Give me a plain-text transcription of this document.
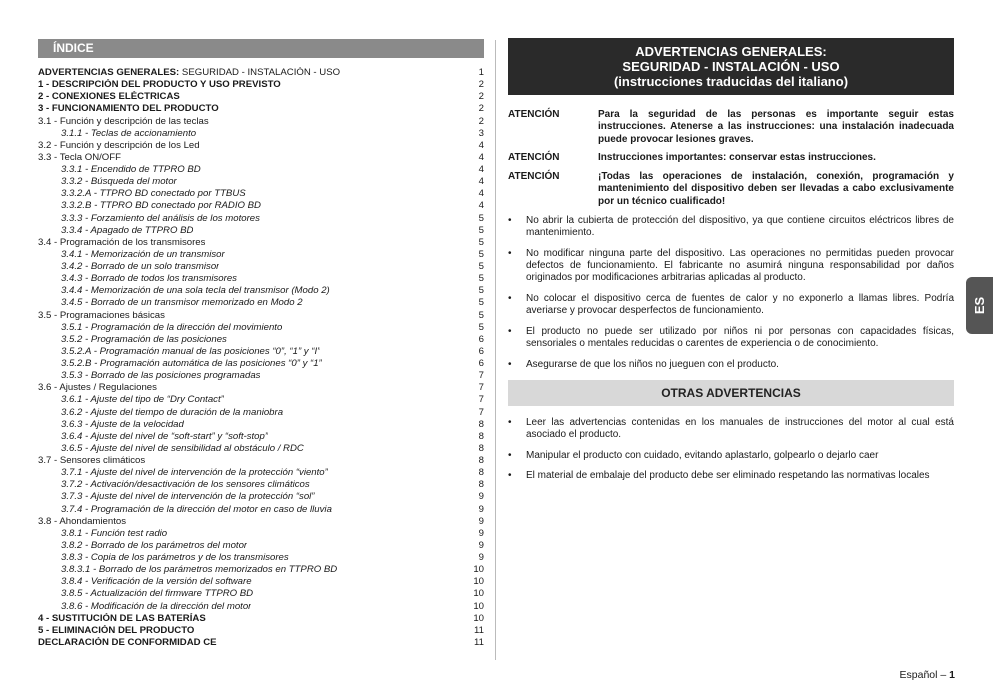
ÍNDICE
ADVERTENCIAS GENERALES: SEGURIDAD - INSTALACIÓN - USO	1
1 - DESCRIPCIÓN DEL PRODUCTO Y USO PREVISTO	2
2 - CONEXIONES ELÉCTRICAS	2
3 - FUNCIONAMIENTO DEL PRODUCTO	2
3.1 - Función y descripción de las teclas	2
3.1.1 - Teclas de accionamiento	3
3.2 - Función y descripción de los Led	4
3.3 - Tecla ON/OFF	4
3.3.1 - Encendido de TTPRO BD	4
3.3.2 - Búsqueda del motor	4
3.3.2.A - TTPRO BD conectado por TTBUS	4
3.3.2.B - TTPRO BD conectado por RADIO BD	4
3.3.3 - Forzamiento del análisis de los motores	5
3.3.4 - Apagado de TTPRO BD	5
3.4 - Programación de los transmisores	5
3.4.1 - Memorización de un transmisor	5
3.4.2 - Borrado de un solo transmisor	5
3.4.3 - Borrado de todos los transmisores	5
3.4.4 - Memorización de una sola tecla del transmisor (Modo 2)	5
3.4.5 - Borrado de un transmisor memorizado en Modo 2	5
3.5 - Programaciones básicas	5
3.5.1 - Programación de la dirección del movimiento	5
3.5.2 - Programación de las posiciones	6
3.5.2.A - Programación manual de las posiciones “0”, “1” y “I”	6
3.5.2.B - Programación automática de las posiciones “0” y “1”	6
3.5.3 - Borrado de las posiciones programadas	7
3.6 - Ajustes / Regulaciones	7
3.6.1 - Ajuste del tipo de “Dry Contact”	7
3.6.2 - Ajuste del tiempo de duración de la maniobra	7
3.6.3 - Ajuste de la velocidad	8
3.6.4 - Ajuste del nivel de “soft-start” y “soft-stop”	8
3.6.5 - Ajuste del nivel de sensibilidad al obstáculo / RDC	8
3.7 - Sensores climáticos	8
3.7.1 - Ajuste del nivel de intervención de la protección “viento”	8
3.7.2 - Activación/desactivación de los sensores climáticos	8
3.7.3 - Ajuste del nivel de intervención de la protección “sol”	9
3.7.4 - Programación de la dirección del motor en caso de lluvia	9
3.8 - Ahondamientos	9
3.8.1 - Función test radio	9
3.8.2 - Borrado de los parámetros del motor	9
3.8.3 - Copia de los parámetros y de los transmisores	9
3.8.3.1 - Borrado de los parámetros memorizados en TTPRO BD	10
3.8.4 - Verificación de la versión del software	10
3.8.5 - Actualización del firmware TTPRO BD	10
3.8.6 - Modificación de la dirección del motor	10
4 - SUSTITUCIÓN DE LAS BATERÍAS	10
5 - ELIMINACIÓN DEL PRODUCTO	11
DECLARACIÓN DE CONFORMIDAD CE	11
ADVERTENCIAS GENERALES:
SEGURIDAD - INSTALACIÓN - USO
(instrucciones traducidas del italiano)
ATENCIÓN	Para la seguridad de las personas es importante seguir estas instrucciones. Atenerse a las instrucciones: una instalación inadecuada puede provocar lesiones graves.
ATENCIÓN	Instrucciones importantes: conservar estas instrucciones.
ATENCIÓN	¡Todas las operaciones de instalación, conexión, programación y mantenimiento del dispositivo deben ser llevadas a cabo exclusivamente por un técnico cualificado!
•	No abrir la cubierta de protección del dispositivo, ya que contiene circuitos eléctricos libres de mantenimiento.
•	No modificar ninguna parte del dispositivo. Las operaciones no permitidas pueden provocar defectos de funcionamiento. El fabricante no asumirá ninguna responsabilidad por daños originados por modificaciones arbitrarias aplicadas al producto.
•	No colocar el dispositivo cerca de fuentes de calor y no exponerlo a llamas libres. Podría averiarse y provocar desperfectos de funcionamiento.
•	El producto no puede ser utilizado por niños ni por personas con capacidades físicas, sensoriales o mentales reducidas o carentes de experiencia o de conocimiento.
•	Asegurarse de que los niños no jueguen con el producto.
OTRAS ADVERTENCIAS
•	Leer las advertencias contenidas en los manuales de instrucciones del motor al cual está asociado el producto.
•	Manipular el producto con cuidado, evitando aplastarlo, golpearlo o dejarlo caer
•	El material de embalaje del producto debe ser eliminado respetando las normativas locales
ES
Español – 1
